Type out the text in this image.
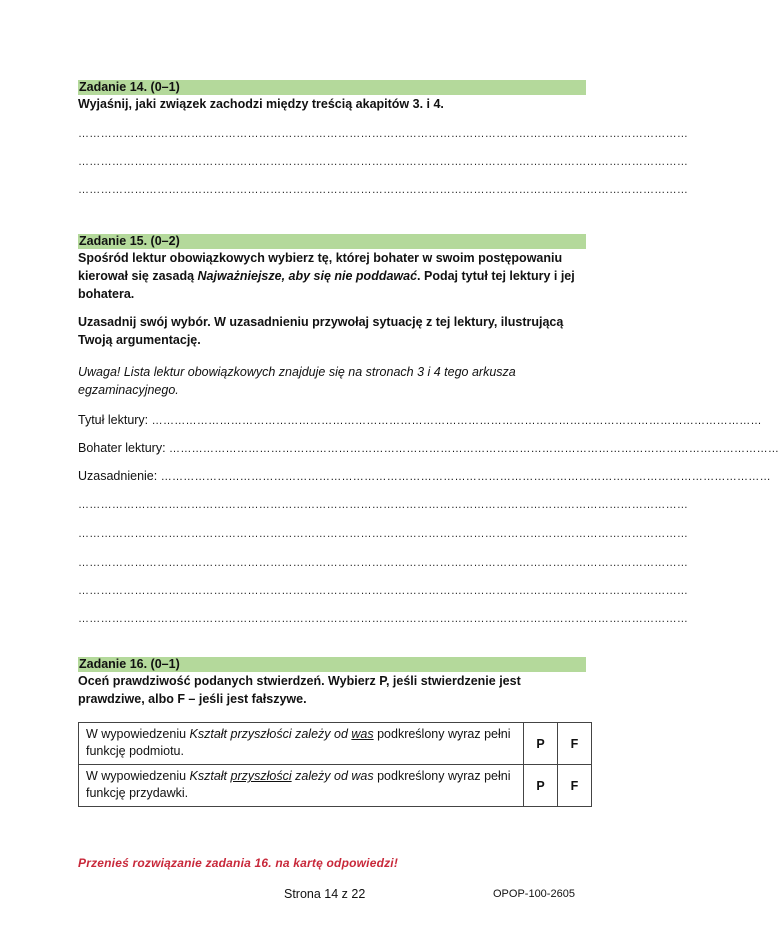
Zadanie 14. (0–1)
Wyjaśnij, jaki związek zachodzi między treścią akapitów 3. i 4.
………………………………………………………………………………………………………………………………………………
………………………………………………………………………………………………………………………………………………
………………………………………………………………………………………………………………………………………………
Zadanie 15. (0–2)
Spośród lektur obowiązkowych wybierz tę, której bohater w swoim postępowaniu kierował się zasadą Najważniejsze, aby się nie poddawać. Podaj tytuł tej lektury i jej bohatera.
Uzasadnij swój wybór. W uzasadnieniu przywołaj sytuację z tej lektury, ilustrującą Twoją argumentację.
Uwaga! Lista lektur obowiązkowych znajduje się na stronach 3 i 4 tego arkusza egzaminacyjnego.
Tytuł lektury: ………………………………………………………………………………………………………………………………………………
Bohater lektury: ………………………………………………………………………………………………………………………………………………
Uzasadnienie: ………………………………………………………………………………………………………………………………………………
………………………………………………………………………………………………………………………………………………
………………………………………………………………………………………………………………………………………………
………………………………………………………………………………………………………………………………………………
………………………………………………………………………………………………………………………………………………
………………………………………………………………………………………………………………………………………………
Zadanie 16. (0–1)
Oceń prawdziwość podanych stwierdzeń. Wybierz P, jeśli stwierdzenie jest prawdziwe, albo F – jeśli jest fałszywe.
W wypowiedzeniu Kształt przyszłości zależy od was podkreślony wyraz pełni funkcję podmiotu.	P	F
W wypowiedzeniu Kształt przyszłości zależy od was podkreślony wyraz pełni funkcję przydawki.	P	F
Przenieś rozwiązanie zadania 16. na kartę odpowiedzi!
Strona 14 z 22	OPOP-100-2605
